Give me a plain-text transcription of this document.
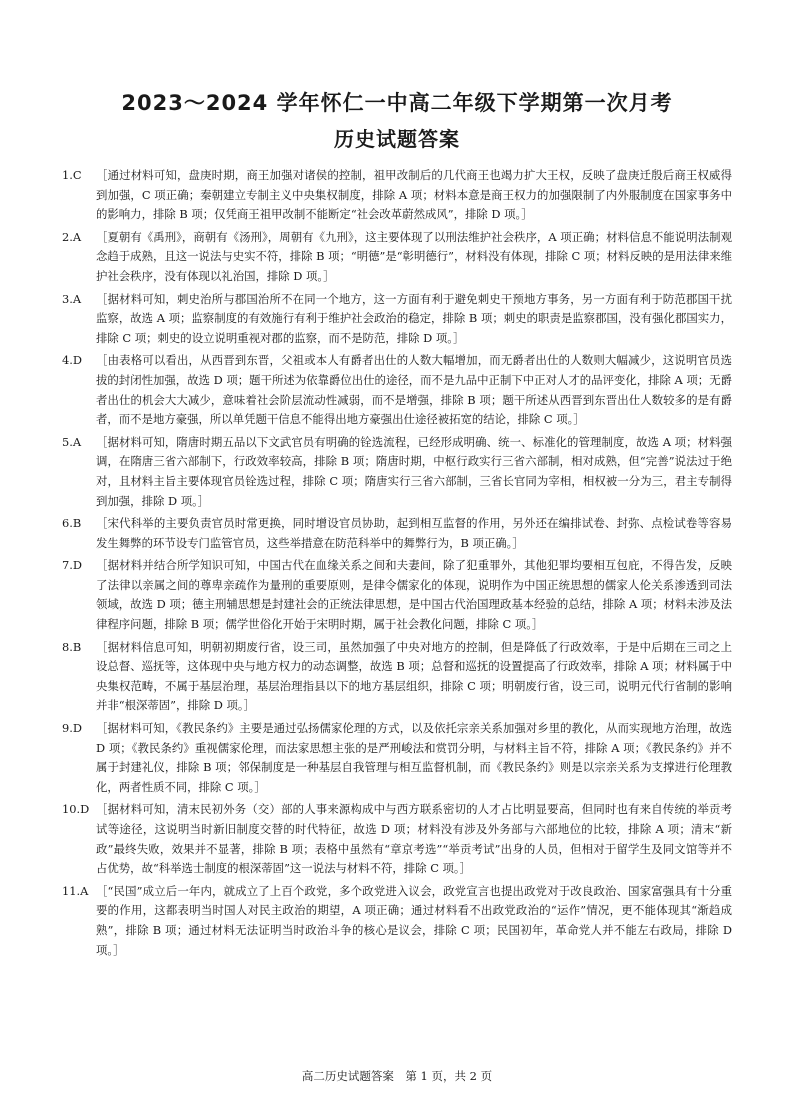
2023～2024 学年怀仁一中高二年级下学期第一次月考
历史试题答案
1.C	［通过材料可知，盘庚时期，商王加强对诸侯的控制，祖甲改制后的几代商王也竭力扩大王权，反映了盘庚迁殷后商王权威得到加强，C 项正确；秦朝建立专制主义中央集权制度，排除 A 项；材料本意是商王权力的加强限制了内外服制度在国家事务中的影响力，排除 B 项；仅凭商王祖甲改制不能断定“社会改革蔚然成风”，排除 D 项。］
2.A	［夏朝有《禹刑》，商朝有《汤刑》，周朝有《九刑》，这主要体现了以刑法维护社会秩序，A 项正确；材料信息不能说明法制观念趋于成熟，且这一说法与史实不符，排除 B 项；“明德”是“彰明德行”，材料没有体现，排除 C 项；材料反映的是用法律来维护社会秩序，没有体现以礼治国，排除 D 项。］
3.A	［据材料可知，刺史治所与郡国治所不在同一个地方，这一方面有利于避免刺史干预地方事务，另一方面有利于防范郡国干扰监察，故选 A 项；监察制度的有效施行有利于维护社会政治的稳定，排除 B 项；刺史的职责是监察郡国，没有强化郡国实力，排除 C 项；刺史的设立说明重视对郡的监察，而不是防范，排除 D 项。］
4.D	［由表格可以看出，从西晋到东晋，父祖或本人有爵者出仕的人数大幅增加，而无爵者出仕的人数则大幅减少，这说明官员选拔的封闭性加强，故选 D 项；题干所述为依靠爵位出仕的途径，而不是九品中正制下中正对人才的品评变化，排除 A 项；无爵者出仕的机会大大减少，意味着社会阶层流动性减弱，而不是增强，排除 B 项；题干所述从西晋到东晋出仕人数较多的是有爵者，而不是地方豪强，所以单凭题干信息不能得出地方豪强出仕途径被拓宽的结论，排除 C 项。］
5.A	［据材料可知，隋唐时期五品以下文武官员有明确的铨选流程，已经形成明确、统一、标准化的管理制度，故选 A 项；材料强调，在隋唐三省六部制下，行政效率较高，排除 B 项；隋唐时期，中枢行政实行三省六部制，相对成熟，但“完善”说法过于绝对，且材料主旨主要体现官员铨选过程，排除 C 项；隋唐实行三省六部制，三省长官同为宰相，相权被一分为三，君主专制得到加强，排除 D 项。］
6.B	［宋代科举的主要负责官员时常更换，同时增设官员协助，起到相互监督的作用，另外还在编排试卷、封弥、点检试卷等容易发生舞弊的环节设专门监管官员，这些举措意在防范科举中的舞弊行为，B 项正确。］
7.D	［据材料并结合所学知识可知，中国古代在血缘关系之间和夫妻间，除了犯重罪外，其他犯罪均要相互包庇，不得告发，反映了法律以亲属之间的尊卑亲疏作为量刑的重要原则，是律令儒家化的体现，说明作为中国正统思想的儒家人伦关系渗透到司法领域，故选 D 项；德主刑辅思想是封建社会的正统法律思想，是中国古代治国理政基本经验的总结，排除 A 项；材料未涉及法律程序问题，排除 B 项；儒学世俗化开始于宋明时期，属于社会教化问题，排除 C 项。］
8.B	［据材料信息可知，明朝初期废行省，设三司，虽然加强了中央对地方的控制，但是降低了行政效率，于是中后期在三司之上设总督、巡抚等，这体现中央与地方权力的动态调整，故选 B 项；总督和巡抚的设置提高了行政效率，排除 A 项；材料属于中央集权范畴，不属于基层治理，基层治理指县以下的地方基层组织，排除 C 项；明朝废行省，设三司，说明元代行省制的影响并非“根深蒂固”，排除 D 项。］
9.D	［据材料可知，《教民条约》主要是通过弘扬儒家伦理的方式，以及依托宗亲关系加强对乡里的教化，从而实现地方治理，故选 D 项；《教民条约》重视儒家伦理，而法家思想主张的是严刑峻法和赏罚分明，与材料主旨不符，排除 A 项；《教民条约》并不属于封建礼仪，排除 B 项；邻保制度是一种基层自我管理与相互监督机制，而《教民条约》则是以宗亲关系为支撑进行伦理教化，两者性质不同，排除 C 项。］
10.D ［据材料可知，清末民初外务（交）部的人事来源构成中与西方联系密切的人才占比明显要高，但同时也有来自传统的举贡考试等途径，这说明当时新旧制度交替的时代特征，故选 D 项；材料没有涉及外务部与六部地位的比较，排除 A 项；清末“新政”最终失败，效果并不显著，排除 B 项；表格中虽然有“章京考选”“举贡考试”出身的人员，但相对于留学生及同文馆等并不占优势，故“科举选士制度的根深蒂固”这一说法与材料不符，排除 C 项。］
11.A ［“民国”成立后一年内，就成立了上百个政党，多个政党进入议会，政党宣言也提出政党对于改良政治、国家富强具有十分重要的作用，这都表明当时国人对民主政治的期望，A 项正确；通过材料看不出政党政治的“运作”情况，更不能体现其“渐趋成熟”，排除 B 项；通过材料无法证明当时政治斗争的核心是议会，排除 C 项；民国初年，革命党人并不能左右政局，排除 D 项。］
高二历史试题答案　第 1 页，共 2 页
